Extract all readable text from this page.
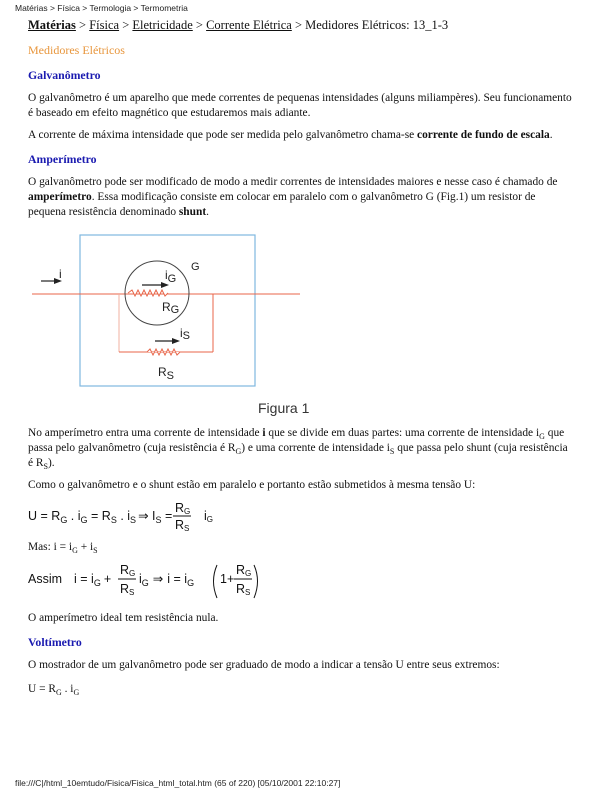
Matérias > Física > Termologia > Termometria
Matérias > Física > Eletricidade > Corrente Elétrica > Medidores Elétricos: 13_1-3
Medidores Elétricos
Galvanômetro

O galvanômetro é um aparelho que mede correntes de pequenas intensidades (alguns miliampères). Seu funcionamento é baseado em efeito magnético que estudaremos mais adiante.

A corrente de máxima intensidade que pode ser medida pelo galvanômetro chama-se corrente de fundo de escala.

Amperímetro

O galvanômetro pode ser modificado de modo a medir correntes de intensidades maiores e nesse caso é chamado de amperímetro. Essa modificação consiste em colocar em paralelo com o galvanômetro G (Fig.1) um resistor de pequena resistência denominado shunt.

i	G
iG
RG
iS
RS
Figura 1

No amperímetro entra uma corrente de intensidade i que se divide em duas partes: uma corrente de intensidade $i_G$ que passa pelo galvanômetro (cuja resistência é $R_G$) e uma corrente de intensidade $i_S$ que passa pelo shunt (cuja resistência é $R_S$).

Como o galvanômetro e o shunt estão em paralelo e portanto estão submetidos à mesma tensão U:

$U = R_G$ . $i_G = R_S$ . $i_S$ ⇒ $I_S$ =
RG
RS
iG

Mas: $i = i_G + i_S$

Assim $i = i_G$ +
RG
RS
$i_G$ ⇒ $i = i_G$ 1+
RG
RS

O amperímetro ideal tem resistência nula.

Voltímetro

O mostrador de um galvanômetro pode ser graduado de modo a indicar a tensão U entre seus extremos:

$U = R_G$ . $i_G$

file:///C|/html_10emtudo/Fisica/Fisica_html_total.htm (65 of 220) [05/10/2001 22:10:27]
